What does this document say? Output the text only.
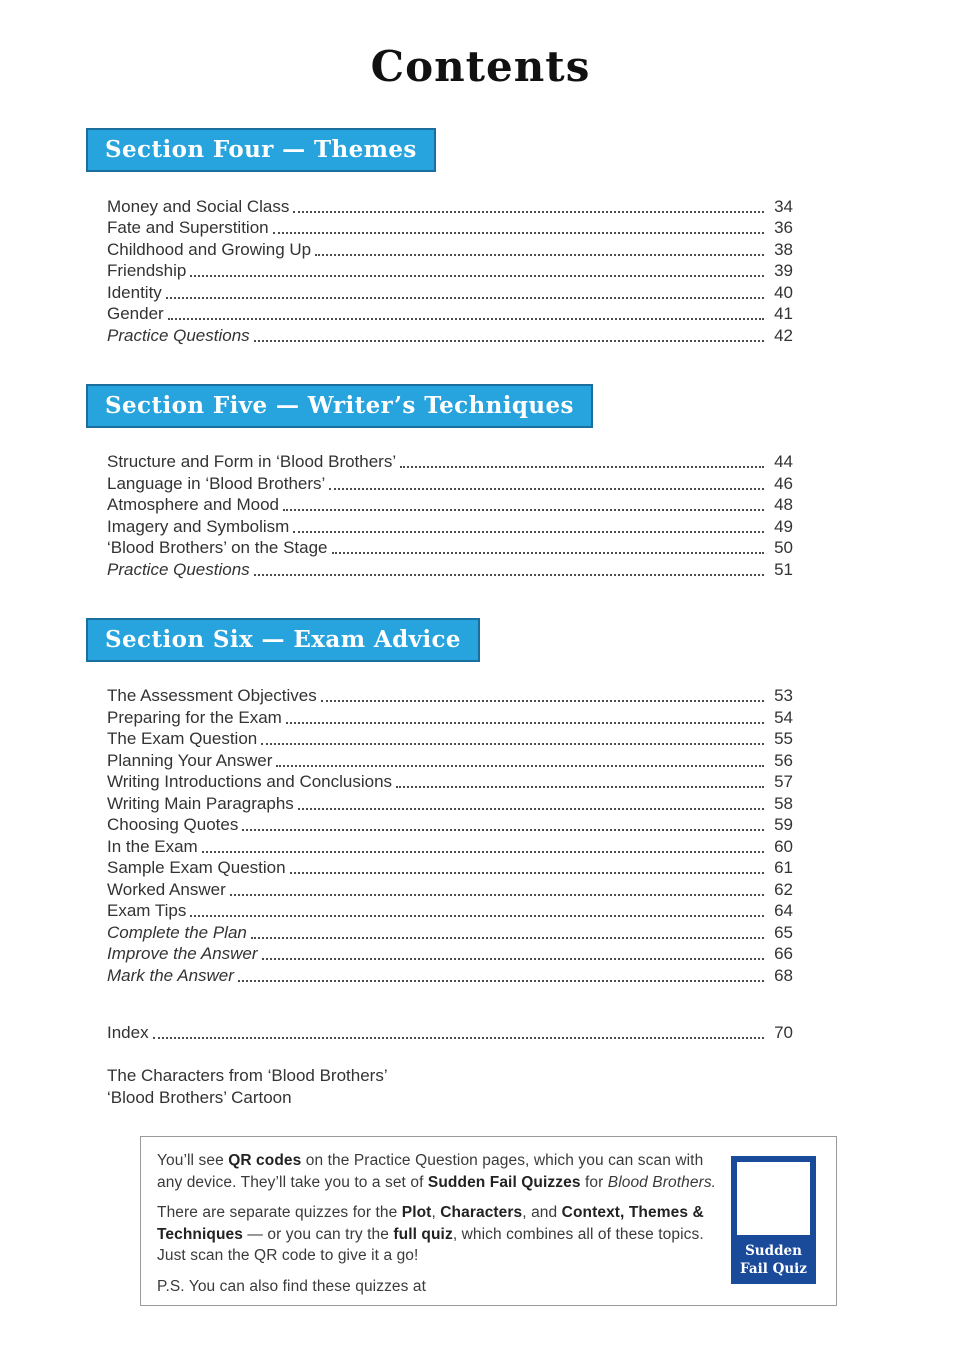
Contents
Section Four — Themes
Money and Social Class	34
Fate and Superstition	36
Childhood and Growing Up	38
Friendship	39
Identity	40
Gender	41
Practice Questions	42
Section Five — Writer’s Techniques
Structure and Form in ‘Blood Brothers’	44
Language in ‘Blood Brothers’	46
Atmosphere and Mood	48
Imagery and Symbolism	49
‘Blood Brothers’ on the Stage	50
Practice Questions	51
Section Six — Exam Advice
The Assessment Objectives	53
Preparing for the Exam	54
The Exam Question	55
Planning Your Answer	56
Writing Introductions and Conclusions	57
Writing Main Paragraphs	58
Choosing Quotes	59
In the Exam	60
Sample Exam Question	61
Worked Answer	62
Exam Tips	64
Complete the Plan	65
Improve the Answer	66
Mark the Answer	68
Index	70
The Characters from ‘Blood Brothers’
‘Blood Brothers’ Cartoon

You’ll see QR codes on the Practice Question pages, which you can scan with any device. They’ll take you to a set of Sudden Fail Quizzes for Blood Brothers.

There are separate quizzes for the Plot, Characters, and Context, Themes & Techniques — or you can try the full quiz, which combines all of these topics. Just scan the QR code to give it a go!

P.S. You can also find these quizzes at

Sudden
Fail Quiz
